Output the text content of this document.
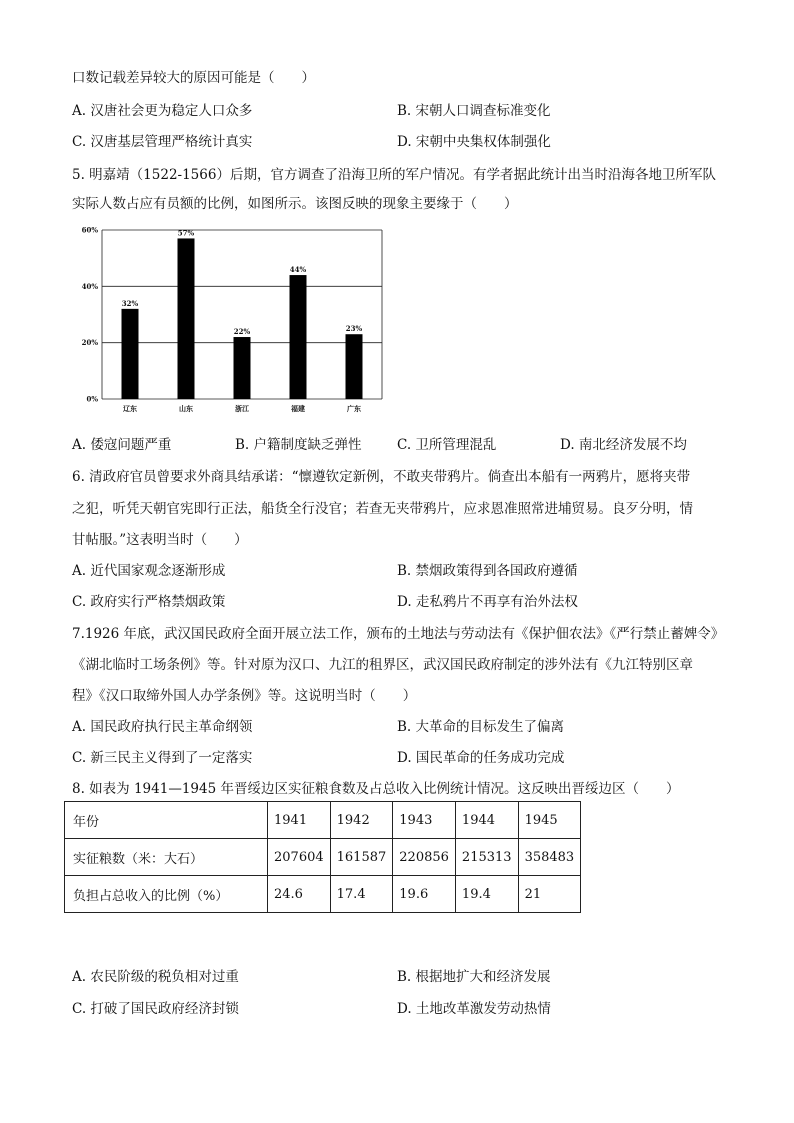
口数记载差异较大的原因可能是（　　）
A. 汉唐社会更为稳定人口众多	B. 宋朝人口调查标准变化
C. 汉唐基层管理严格统计真实	D. 宋朝中央集权体制强化
5. 明嘉靖（1522-1566）后期，官方调查了沿海卫所的军户情况。有学者据此统计出当时沿海各地卫所军队
实际人数占应有员额的比例，如图所示。该图反映的现象主要缘于（　　）
0%
20%
40%
60%
32%
57%
22%
44%
23%
辽东	山东	浙江	福建	广东
A. 倭寇问题严重	B. 户籍制度缺乏弹性	C. 卫所管理混乱	D. 南北经济发展不均
6. 清政府官员曾要求外商具结承诺：“懔遵钦定新例，不敢夹带鸦片。倘查出本船有一两鸦片，愿将夹带
之犯，听凭天朝官宪即行正法，船货全行没官；若查无夹带鸦片，应求恩准照常进埔贸易。良歹分明，情
甘帖服。”这表明当时（　　）
A. 近代国家观念逐渐形成	B. 禁烟政策得到各国政府遵循
C. 政府实行严格禁烟政策	D. 走私鸦片不再享有治外法权
7.1926 年底，武汉国民政府全面开展立法工作，颁布的土地法与劳动法有《保护佃农法》《严行禁止蓄婢令》
《湖北临时工场条例》等。针对原为汉口、九江的租界区，武汉国民政府制定的涉外法有《九江特别区章
程》《汉口取缔外国人办学条例》等。这说明当时（　　）
A. 国民政府执行民主革命纲领	B. 大革命的目标发生了偏离
C. 新三民主义得到了一定落实	D. 国民革命的任务成功完成
8. 如表为 1941—1945 年晋绥边区实征粮食数及占总收入比例统计情况。这反映出晋绥边区（　　）
年份	1941	1942	1943	1944	1945
实征粮数（米：大石）	207604	161587	220856	215313	358483
负担占总收入的比例（%）	24.6	17.4	19.6	19.4	21
A. 农民阶级的税负相对过重	B. 根据地扩大和经济发展
C. 打破了国民政府经济封锁	D. 土地改革激发劳动热情
